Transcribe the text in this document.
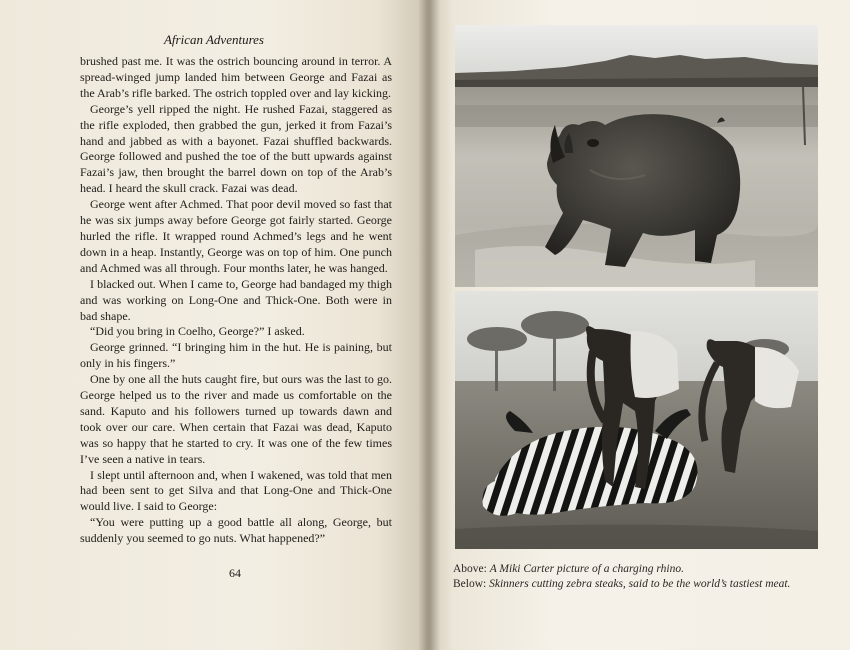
African Adventures

brushed past me. It was the ostrich bouncing around in terror. A spread-winged jump landed him between George and Fazai as the Arab’s rifle barked. The ostrich toppled over and lay kicking.

George’s yell ripped the night. He rushed Fazai, staggered as the rifle exploded, then grabbed the gun, jerked it from Fazai’s hand and jabbed as with a bayonet. Fazai shuffled backwards. George followed and pushed the toe of the butt upwards against Fazai’s jaw, then brought the barrel down on top of the Arab’s head. I heard the skull crack. Fazai was dead.

George went after Achmed. That poor devil moved so fast that he was six jumps away before George got fairly started. George hurled the rifle. It wrapped round Achmed’s legs and he went down in a heap. Instantly, George was on top of him. One punch and Achmed was all through. Four months later, he was hanged.

I blacked out. When I came to, George had bandaged my thigh and was working on Long-One and Thick-One. Both were in bad shape.

“Did you bring in Coelho, George?” I asked.

George grinned. “I bringing him in the hut. He is paining, but only in his fingers.”

One by one all the huts caught fire, but ours was the last to go. George helped us to the river and made us comfortable on the sand. Kaputo and his followers turned up towards dawn and took over our care. When certain that Fazai was dead, Kaputo was so happy that he started to cry. It was one of the few times I’ve seen a native in tears.

I slept until afternoon and, when I wakened, was told that men had been sent to get Silva and that Long-One and Thick-One would live. I said to George:

“You were putting up a good battle all along, George, but suddenly you seemed to go nuts. What happened?”

64	Above: A Miki Carter picture of a charging rhino.
Below: Skinners cutting zebra steaks, said to be the world’s tastiest meat.
